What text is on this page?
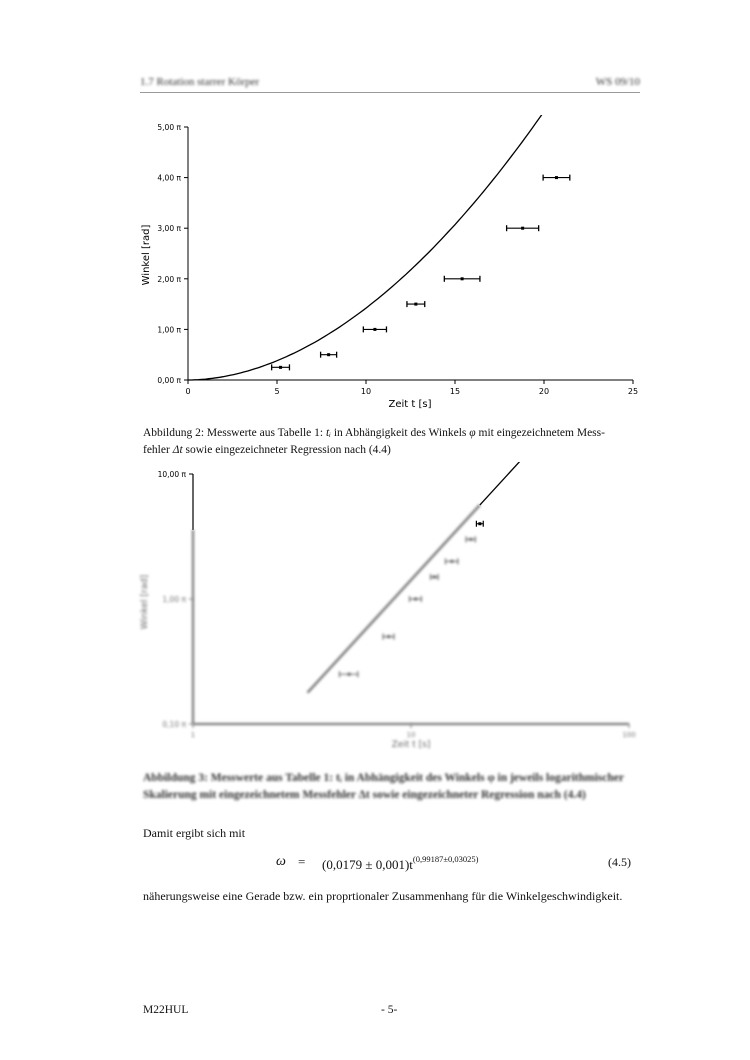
1.7 Rotation starrer Körper	WS 09/10
0	5	10	15	20	25
0,00 π
1,00 π
2,00 π
3,00 π
4,00 π
5,00 π
Zeit t [s]
Winkel [rad]
Abbildung 2: Messwerte aus Tabelle 1: tᵢ in Abhängigkeit des Winkels φ mit eingezeichnetem Mess-
fehler Δt sowie eingezeichneter Regression nach (4.4)
1	10	100
0,10 π
1,00 π
10,00 π
Zeit t [s]
Winkel [rad]
Abbildung 3: Messwerte aus Tabelle 1: tᵢ in Abhängigkeit des Winkels φ in jeweils logarithmischer
Skalierung mit eingezeichnetem Messfehler Δt sowie eingezeichneter Regression nach (4.4)
Damit ergibt sich mit
$\omega = (0,0179 \pm 0,001)t^{(0,99187\pm 0,03025)}$	(4.5)
näherungsweise eine Gerade bzw. ein proprtionaler Zusammenhang für die Winkelgeschwindigkeit.
M22HUL	- 5-
